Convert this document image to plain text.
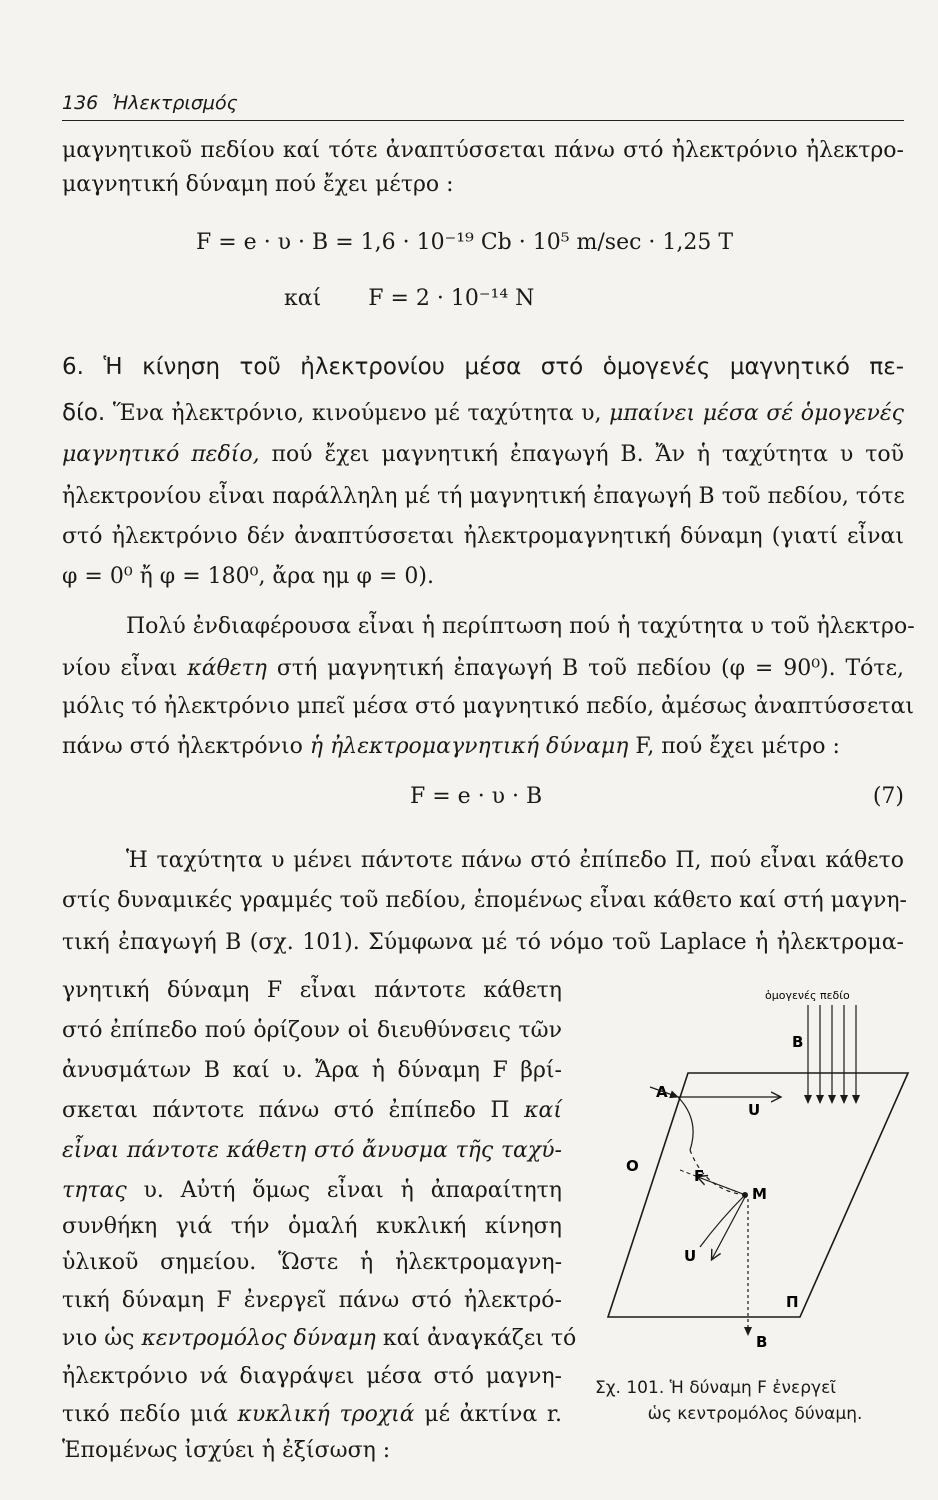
136 Ἠλεκτρισμός
μαγνητικοῦ πεδίου καί τότε ἀναπτύσσεται πάνω στό ἠλεκτρόνιο ἠλεκτρο-
μαγνητική δύναμη πού ἔχει μέτρο :
F = e · υ · B = 1,6 · 10⁻¹⁹ Cb · 10⁵ m/sec · 1,25 T
καί F = 2 · 10⁻¹⁴ N
6. Ἡ κίνηση τοῦ ἠλεκτρονίου μέσα στό ὁμογενές μαγνητικό πε-
δίο. Ἕνα ἠλεκτρόνιο, κινούμενο μέ ταχύτητα υ, μπαίνει μέσα σέ ὁμογενές
μαγνητικό πεδίο, πού ἔχει μαγνητική ἐπαγωγή B. Ἄν ἡ ταχύτητα υ τοῦ
ἠλεκτρονίου εἶναι παράλληλη μέ τή μαγνητική ἐπαγωγή B τοῦ πεδίου, τότε
στό ἠλεκτρόνιο δέν ἀναπτύσσεται ἠλεκτρομαγνητική δύναμη (γιατί εἶναι
φ = 0⁰ ἤ φ = 180⁰, ἄρα ημ φ = 0).
Πολύ ἐνδιαφέρουσα εἶναι ἡ περίπτωση πού ἡ ταχύτητα υ τοῦ ἠλεκτρο-
νίου εἶναι κάθετη στή μαγνητική ἐπαγωγή B τοῦ πεδίου (φ = 90⁰). Τότε,
μόλις τό ἠλεκτρόνιο μπεῖ μέσα στό μαγνητικό πεδίο, ἀμέσως ἀναπτύσσεται
πάνω στό ἠλεκτρόνιο ἡ ἠλεκτρομαγνητική δύναμη F, πού ἔχει μέτρο :
F = e · υ · B	(7)
Ἡ ταχύτητα υ μένει πάντοτε πάνω στό ἐπίπεδο Π, πού εἶναι κάθετο
στίς δυναμικές γραμμές τοῦ πεδίου, ἑπομένως εἶναι κάθετο καί στή μαγνη-
τική ἐπαγωγή B (σχ. 101). Σύμφωνα μέ τό νόμο τοῦ Laplace ἡ ἠλεκτρομα-
γνητική δύναμη F εἶναι πάντοτε κάθετη
στό ἐπίπεδο πού ὁρίζουν οἱ διευθύνσεις τῶν
ἀνυσμάτων B καί υ. Ἄρα ἡ δύναμη F βρί-
σκεται πάντοτε πάνω στό ἐπίπεδο Π καί
εἶναι πάντοτε κάθετη στό ἄνυσμα τῆς ταχύ-
τητας υ. Αὐτή ὅμως εἶναι ἡ ἀπαραίτητη
συνθήκη γιά τήν ὁμαλή κυκλική κίνηση
ὑλικοῦ σημείου. Ὥστε ἡ ἠλεκτρομαγνη-
τική δύναμη F ἐνεργεῖ πάνω στό ἠλεκτρό-
νιο ὡς κεντρομόλος δύναμη καί ἀναγκάζει τό
ἠλεκτρόνιο νά διαγράψει μέσα στό μαγνη-
τικό πεδίο μιά κυκλική τροχιά μέ ἀκτίνα r.
Ἑπομένως ἰσχύει ἡ ἐξίσωση :
ὁμογενές πεδίο
B
A
O
U
M
F
U
B
Π
Σχ. 101. Ἡ δύναμη F ἐνεργεῖ
ὡς κεντρομόλος δύναμη.
